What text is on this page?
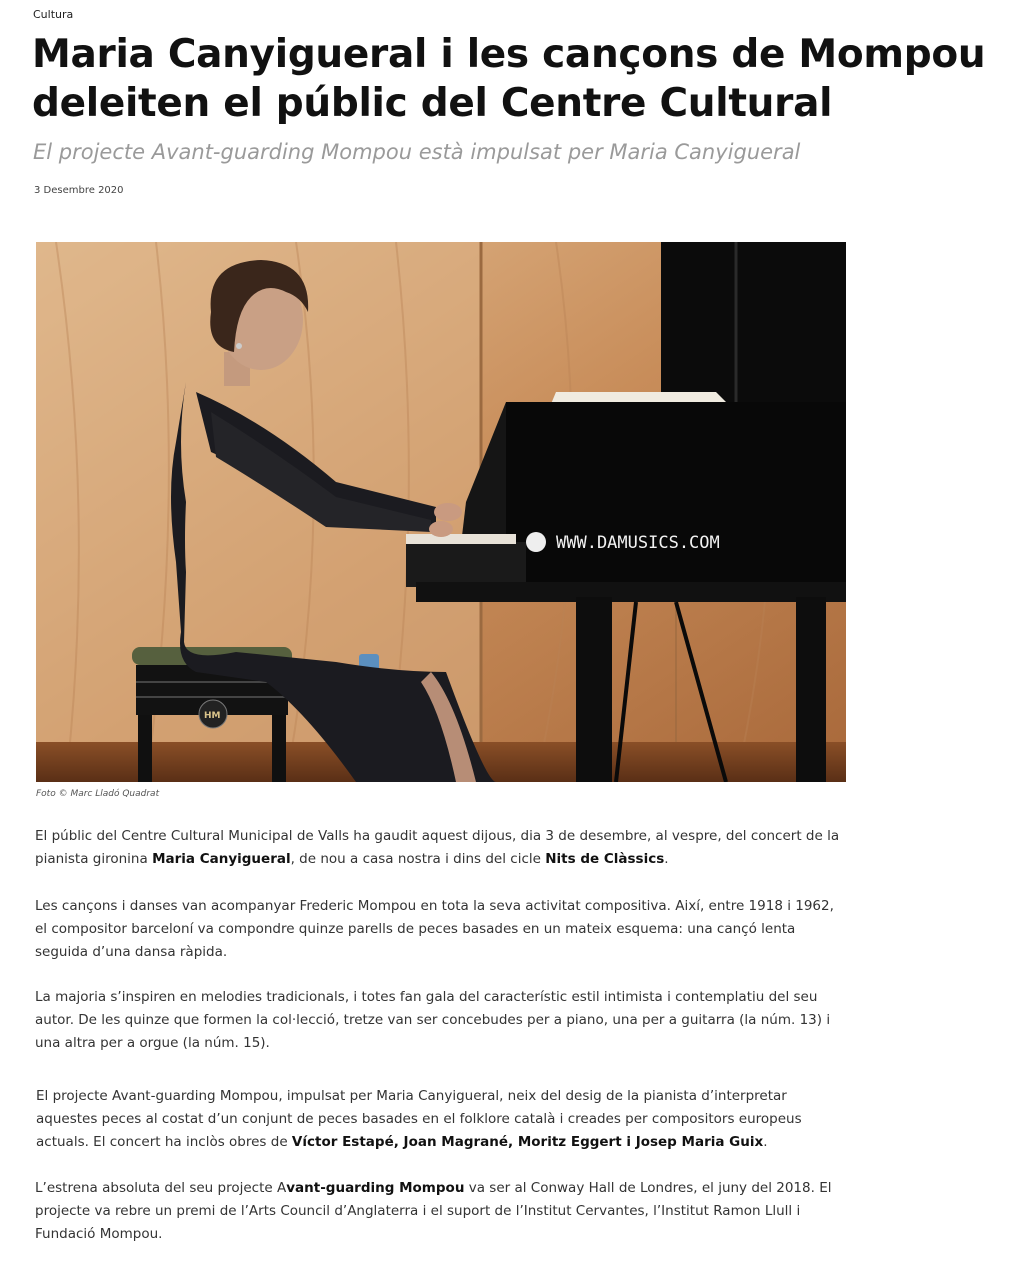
Cultura
Maria Canyigueral i les cançons de Mompou deleiten el públic del Centre Cultural
El projecte Avant-guarding Mompou està impulsat per Maria Canyigueral
3 Desembre 2020
WWW.DAMUSICS.COM
HM
Foto © Marc Lladó Quadrat

El públic del Centre Cultural Municipal de Valls ha gaudit aquest dijous, dia 3 de desembre, al vespre, del concert de la pianista gironina Maria Canyigueral, de nou a casa nostra i dins del cicle Nits de Clàssics.

Les cançons i danses van acompanyar Frederic Mompou en tota la seva activitat compositiva. Així, entre 1918 i 1962, el compositor barceloní va compondre quinze parells de peces basades en un mateix esquema: una cançó lenta seguida d’una dansa ràpida.

La majoria s’inspiren en melodies tradicionals, i totes fan gala del característic estil intimista i contemplatiu del seu autor. De les quinze que formen la col·lecció, tretze van ser concebudes per a piano, una per a guitarra (la núm. 13) i una altra per a orgue (la núm. 15).

El projecte Avant-guarding Mompou, impulsat per Maria Canyigueral, neix del desig de la pianista d’interpretar aquestes peces al costat d’un conjunt de peces basades en el folklore català i creades per compositors europeus actuals. El concert ha inclòs obres de Víctor Estapé, Joan Magrané, Moritz Eggert i Josep Maria Guix.

L’estrena absoluta del seu projecte Avant-guarding Mompou va ser al Conway Hall de Londres, el juny del 2018. El projecte va rebre un premi de l’Arts Council d’Anglaterra i el suport de l’Institut Cervantes, l’Institut Ramon Llull i Fundació Mompou.
